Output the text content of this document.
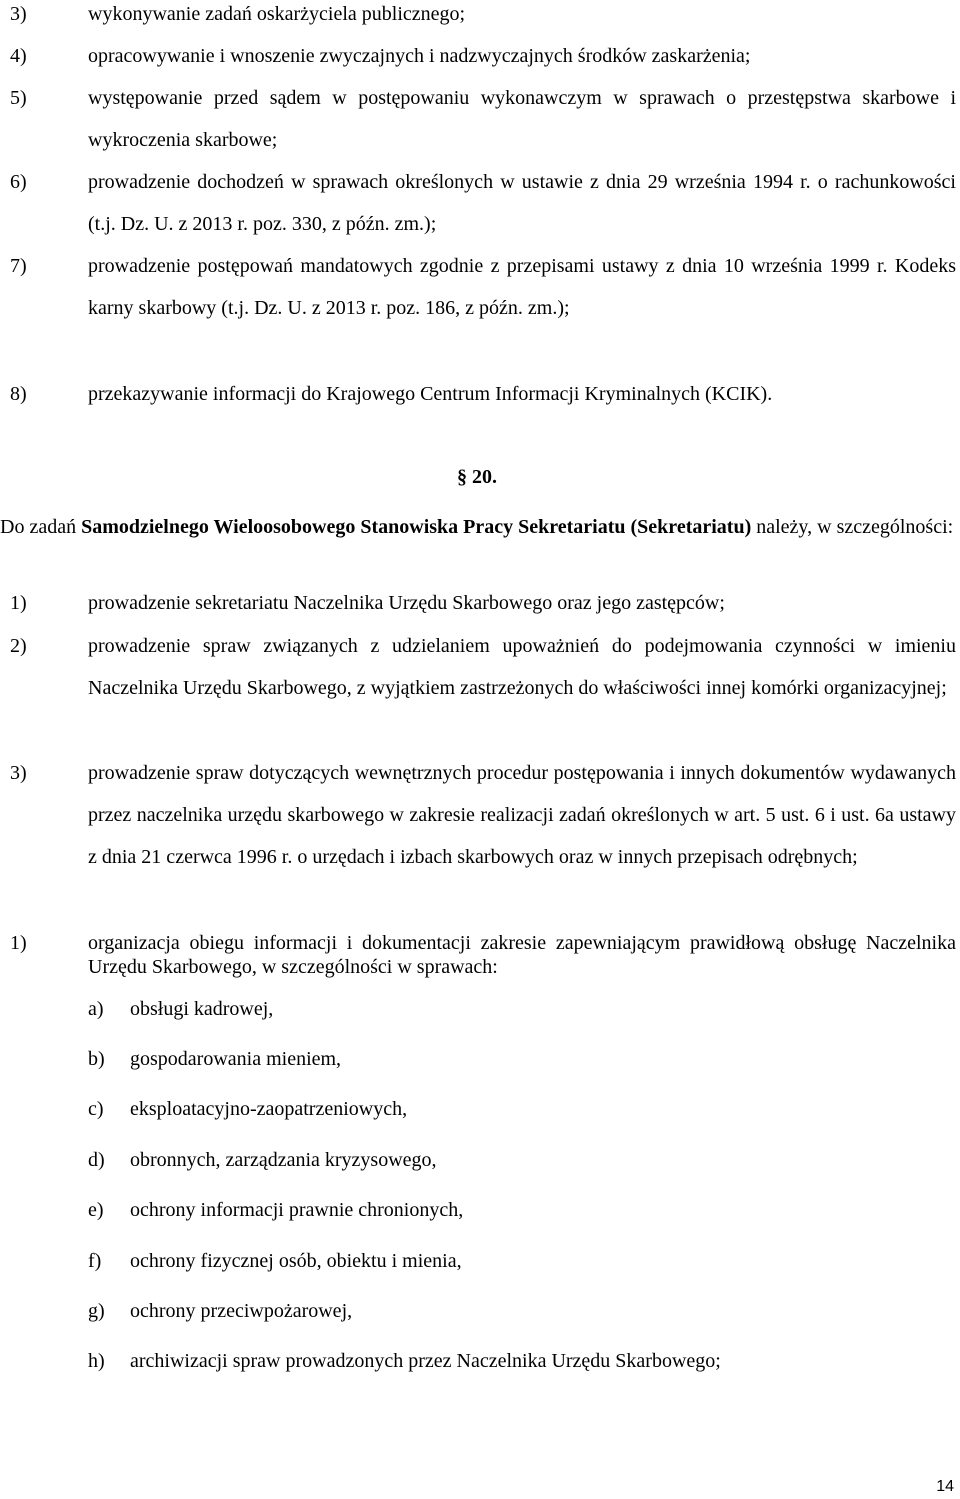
3)	wykonywanie zadań oskarżyciela publicznego;
4)	opracowywanie i wnoszenie zwyczajnych i nadzwyczajnych środków zaskarżenia;
5)	występowanie przed sądem w postępowaniu wykonawczym w sprawach o przestępstwa skarbowe i wykroczenia skarbowe;
6)	prowadzenie dochodzeń w sprawach określonych w ustawie z dnia 29 września 1994 r. o rachunkowości (t.j. Dz. U. z 2013 r. poz. 330, z późn. zm.);
7)	prowadzenie postępowań mandatowych zgodnie z przepisami ustawy z dnia 10 września 1999 r. Kodeks karny skarbowy (t.j. Dz. U. z 2013 r. poz. 186, z późn. zm.);
8)	przekazywanie informacji do Krajowego Centrum Informacji Kryminalnych (KCIK).
§ 20.
Do zadań Samodzielnego Wieloosobowego Stanowiska Pracy Sekretariatu (Sekretariatu) należy, w szczególności:
1)	prowadzenie sekretariatu Naczelnika Urzędu Skarbowego oraz jego zastępców;
2)	prowadzenie spraw związanych z udzielaniem upoważnień do podejmowania czynności w imieniu Naczelnika Urzędu Skarbowego, z wyjątkiem zastrzeżonych do właściwości innej komórki organizacyjnej;
3)	prowadzenie spraw dotyczących wewnętrznych procedur postępowania i innych dokumentów wydawanych przez naczelnika urzędu skarbowego w zakresie realizacji zadań określonych w art. 5 ust. 6 i ust. 6a ustawy z dnia 21 czerwca 1996 r. o urzędach i izbach skarbowych oraz w innych przepisach odrębnych;
1)	organizacja obiegu informacji i dokumentacji zakresie zapewniającym prawidłową obsługę Naczelnika Urzędu Skarbowego, w szczególności w sprawach:
a) obsługi kadrowej,
b) gospodarowania mieniem,
c) eksploatacyjno-zaopatrzeniowych,
d) obronnych, zarządzania kryzysowego,
e) ochrony informacji prawnie chronionych,
f) ochrony fizycznej osób, obiektu i mienia,
g) ochrony przeciwpożarowej,
h) archiwizacji spraw prowadzonych przez Naczelnika Urzędu Skarbowego;
14
